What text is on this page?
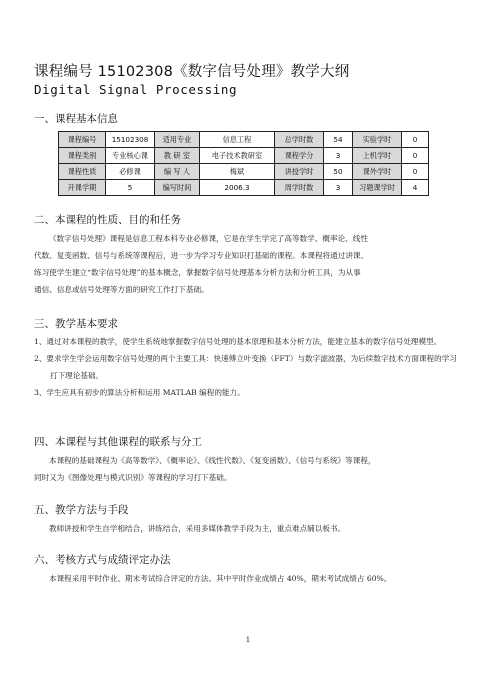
课程编号 15102308《数字信号处理》教学大纲
Digital Signal Processing
一、课程基本信息
课程编号	15102308	适用专业	信息工程	总学时数	54	实验学时	0
课程类别	专业核心课	教 研 室	电子技术教研室	课程学分	3	上机学时	0
课程性质	必修课	编 写 人	梅斌	讲授学时	50	课外学时	0
开课学期	5	编写时间	2006.3	周学时数	3	习题课学时	4
二、本课程的性质、目的和任务
《数字信号处理》课程是信息工程本科专业必修课，它是在学生学完了高等数学、概率论、线性
代数、复变函数、信号与系统等课程后，进一步为学习专业知识打基础的课程。本课程将通过讲课、
练习使学生建立“数字信号处理”的基本概念，掌握数字信号处理基本分析方法和分析工具，为从事
通信、信息或信号处理等方面的研究工作打下基础。
三、教学基本要求
1、通过对本课程的教学，使学生系统地掌握数字信号处理的基本原理和基本分析方法，能建立基本的数字信号处理模型。
2、要求学生学会运用数字信号处理的两个主要工具：快速傅立叶变换（FFT）与数字滤波器，为后续数字技术方面课程的学习打下理论基础。
3、学生应具有初步的算法分析和运用 MATLAB 编程的能力。
四、本课程与其他课程的联系与分工
本课程的基础课程为《高等数学》、《概率论》、《线性代数》、《复变函数》、《信号与系统》等课程，
同时又为《图像处理与模式识别》等课程的学习打下基础。
五、教学方法与手段
教师讲授和学生自学相结合，讲练结合，采用多媒体教学手段为主，重点难点辅以板书。
六、考核方式与成绩评定办法
本课程采用平时作业、期末考试综合评定的方法。其中平时作业成绩占 40%，期末考试成绩占 60%。
1
